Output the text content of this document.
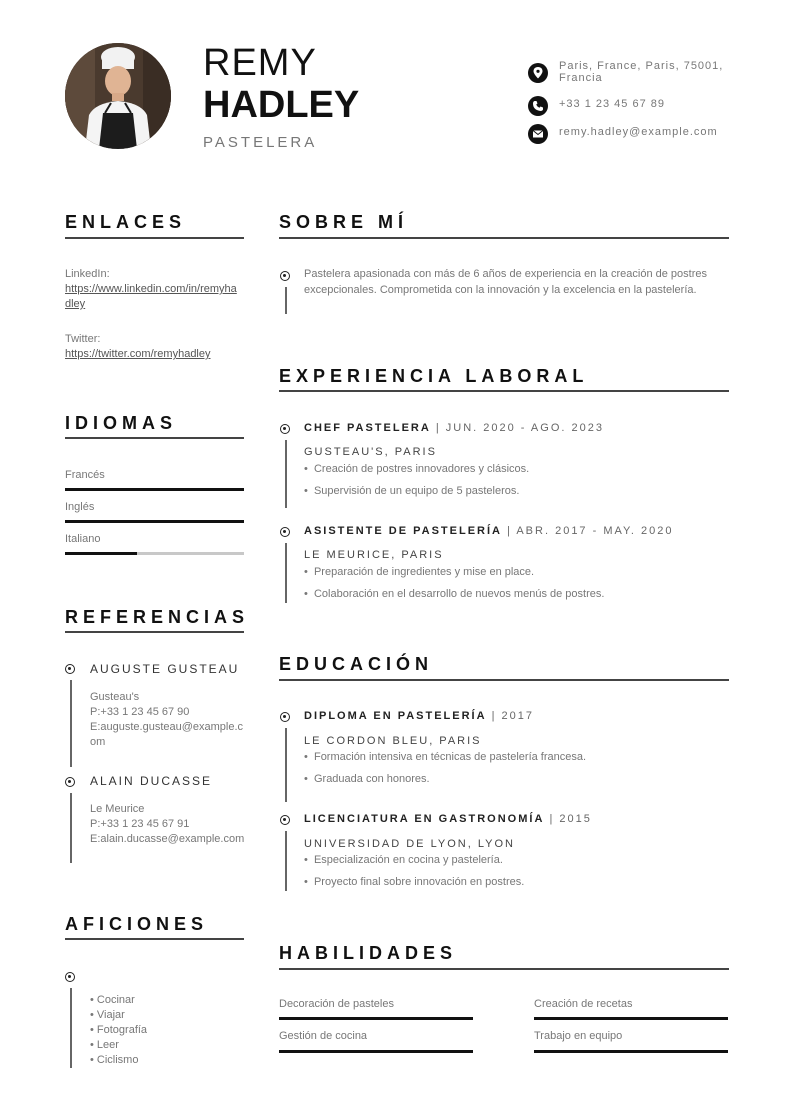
REMY
HADLEY
PASTELERA
Paris, France, Paris, 75001, Francia
+33 1 23 45 67 89
remy.hadley@example.com
ENLACES
LinkedIn:
https://www.linkedin.com/in/remyhadley
Twitter:
https://twitter.com/remyhadley
IDIOMAS
Francés
Inglés
Italiano
REFERENCIAS
AUGUSTE GUSTEAU
Gusteau's
P:+33 1 23 45 67 90
E:auguste.gusteau@example.com
ALAIN DUCASSE
Le Meurice
P:+33 1 23 45 67 91
E:alain.ducasse@example.com
AFICIONES
• Cocinar
• Viajar
• Fotografía
• Leer
• Ciclismo
SOBRE MÍ
Pastelera apasionada con más de 6 años de experiencia en la creación de postres excepcionales. Comprometida con la innovación y la excelencia en la pastelería.
EXPERIENCIA LABORAL
CHEF PASTELERA | JUN. 2020 - AGO. 2023
GUSTEAU'S, PARIS
•  Creación de postres innovadores y clásicos.
•  Supervisión de un equipo de 5 pasteleros.
ASISTENTE DE PASTELERÍA | ABR. 2017 - MAY. 2020
LE MEURICE, PARIS
•  Preparación de ingredientes y mise en place.
•  Colaboración en el desarrollo de nuevos menús de postres.
EDUCACIÓN
DIPLOMA EN PASTELERÍA | 2017
LE CORDON BLEU, PARIS
•  Formación intensiva en técnicas de pastelería francesa.
•  Graduada con honores.
LICENCIATURA EN GASTRONOMÍA | 2015
UNIVERSIDAD DE LYON, LYON
•  Especialización en cocina y pastelería.
•  Proyecto final sobre innovación en postres.
HABILIDADES
Decoración de pasteles	Creación de recetas
Gestión de cocina	Trabajo en equipo
